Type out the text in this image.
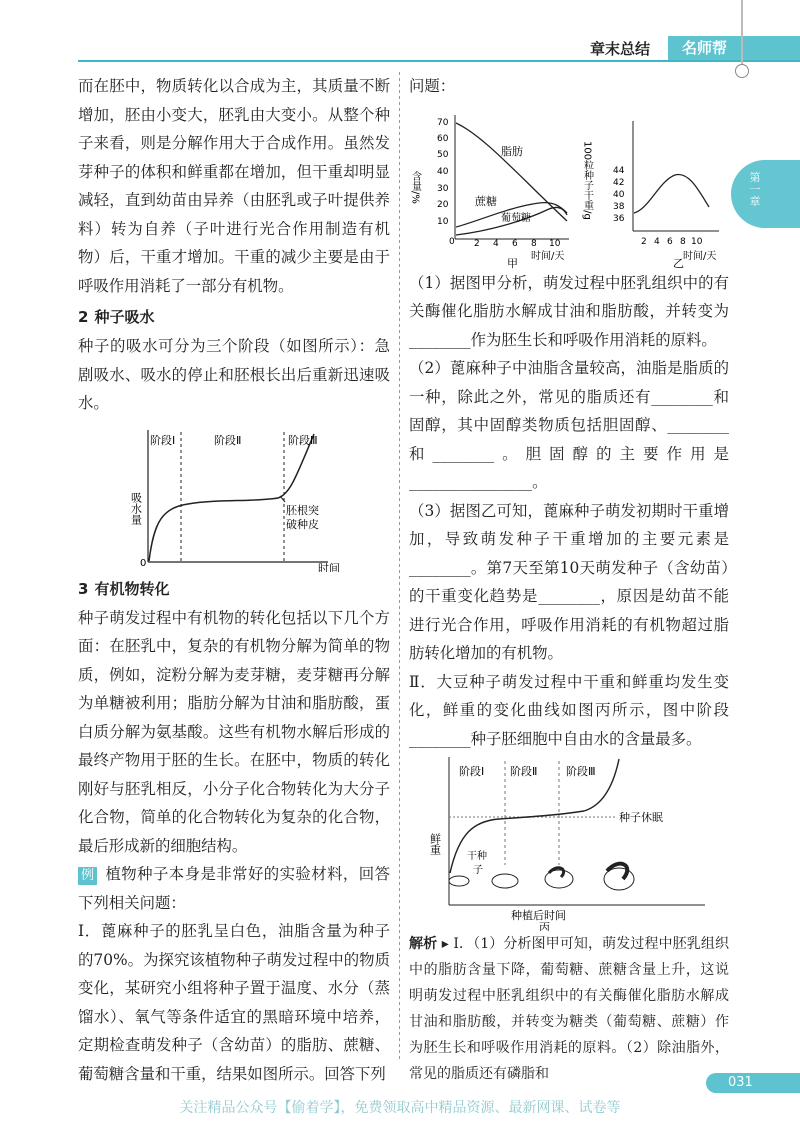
章末总结	名师帮
第一章

而在胚中，物质转化以合成为主，其质量不断增加，胚由小变大，胚乳由大变小。从整个种子来看，则是分解作用大于合成作用。虽然发芽种子的体积和鲜重都在增加，但干重却明显减轻，直到幼苗由异养（由胚乳或子叶提供养料）转为自养（子叶进行光合作用制造有机物）后，干重才增加。干重的减少主要是由于呼吸作用消耗了一部分有机物。

2 种子吸水

种子的吸水可分为三个阶段（如图所示）：急剧吸水、吸水的停止和胚根长出后重新迅速吸水。

阶段Ⅰ	阶段Ⅱ	阶段Ⅲ
吸水量
时间
0
胚根突
破种皮
3 有机物转化

种子萌发过程中有机物的转化包括以下几个方面：在胚乳中，复杂的有机物分解为简单的物质，例如，淀粉分解为麦芽糖，麦芽糖再分解为单糖被利用；脂肪分解为甘油和脂肪酸，蛋白质分解为氨基酸。这些有机物水解后形成的最终产物用于胚的生长。在胚中，物质的转化刚好与胚乳相反，小分子化合物转化为大分子化合物，简单的化合物转化为复杂的化合物，最后形成新的细胞结构。

例 植物种子本身是非常好的实验材料，回答下列相关问题：

Ⅰ．蓖麻种子的胚乳呈白色，油脂含量为种子的70%。为探究该植物种子萌发过程中的物质变化，某研究小组将种子置于温度、水分（蒸馏水）、氧气等条件适宜的黑暗环境中培养，定期检查萌发种子（含幼苗）的脂肪、蔗糖、葡萄糖含量和干重，结果如图所示。回答下列

问题：

含量/%
70
60
50
40
30
20
10
0 2 4 6 8 10
时间/天
脂肪
蔗糖
葡萄糖
甲
100粒种子干重/g 44
42
40
38
36
2 4 6 8 10
时间/天
乙

（1）据图甲分析，萌发过程中胚乳组织中的有关酶催化脂肪水解成甘油和脂肪酸，并转变为________作为胚生长和呼吸作用消耗的原料。

（2）蓖麻种子中油脂含量较高，油脂是脂质的一种，除此之外，常见的脂质还有________和固醇，其中固醇类物质包括胆固醇、________和________。胆固醇的主要作用是________________。

（3）据图乙可知，蓖麻种子萌发初期时干重增加，导致萌发种子干重增加的主要元素是________。第7天至第10天萌发种子（含幼苗）的干重变化趋势是________，原因是幼苗不能进行光合作用，呼吸作用消耗的有机物超过脂肪转化增加的有机物。

Ⅱ．大豆种子萌发过程中干重和鲜重均发生变化，鲜重的变化曲线如图丙所示，图中阶段________种子胚细胞中自由水的含量最多。

阶段Ⅰ 阶段Ⅱ	阶段Ⅲ
鲜重
种子休眠
干种
子
种植后时间
丙

解析 ▸ Ⅰ．（1）分析图甲可知，萌发过程中胚乳组织中的脂肪含量下降，葡萄糖、蔗糖含量上升，这说明萌发过程中胚乳组织中的有关酶催化脂肪水解成甘油和脂肪酸，并转变为糖类（葡萄糖、蔗糖）作为胚生长和呼吸作用消耗的原料。（2）除油脂外，常见的脂质还有磷脂和

031
关注精品公众号【偷着学】，免费领取高中精品资源、最新网课、试卷等
